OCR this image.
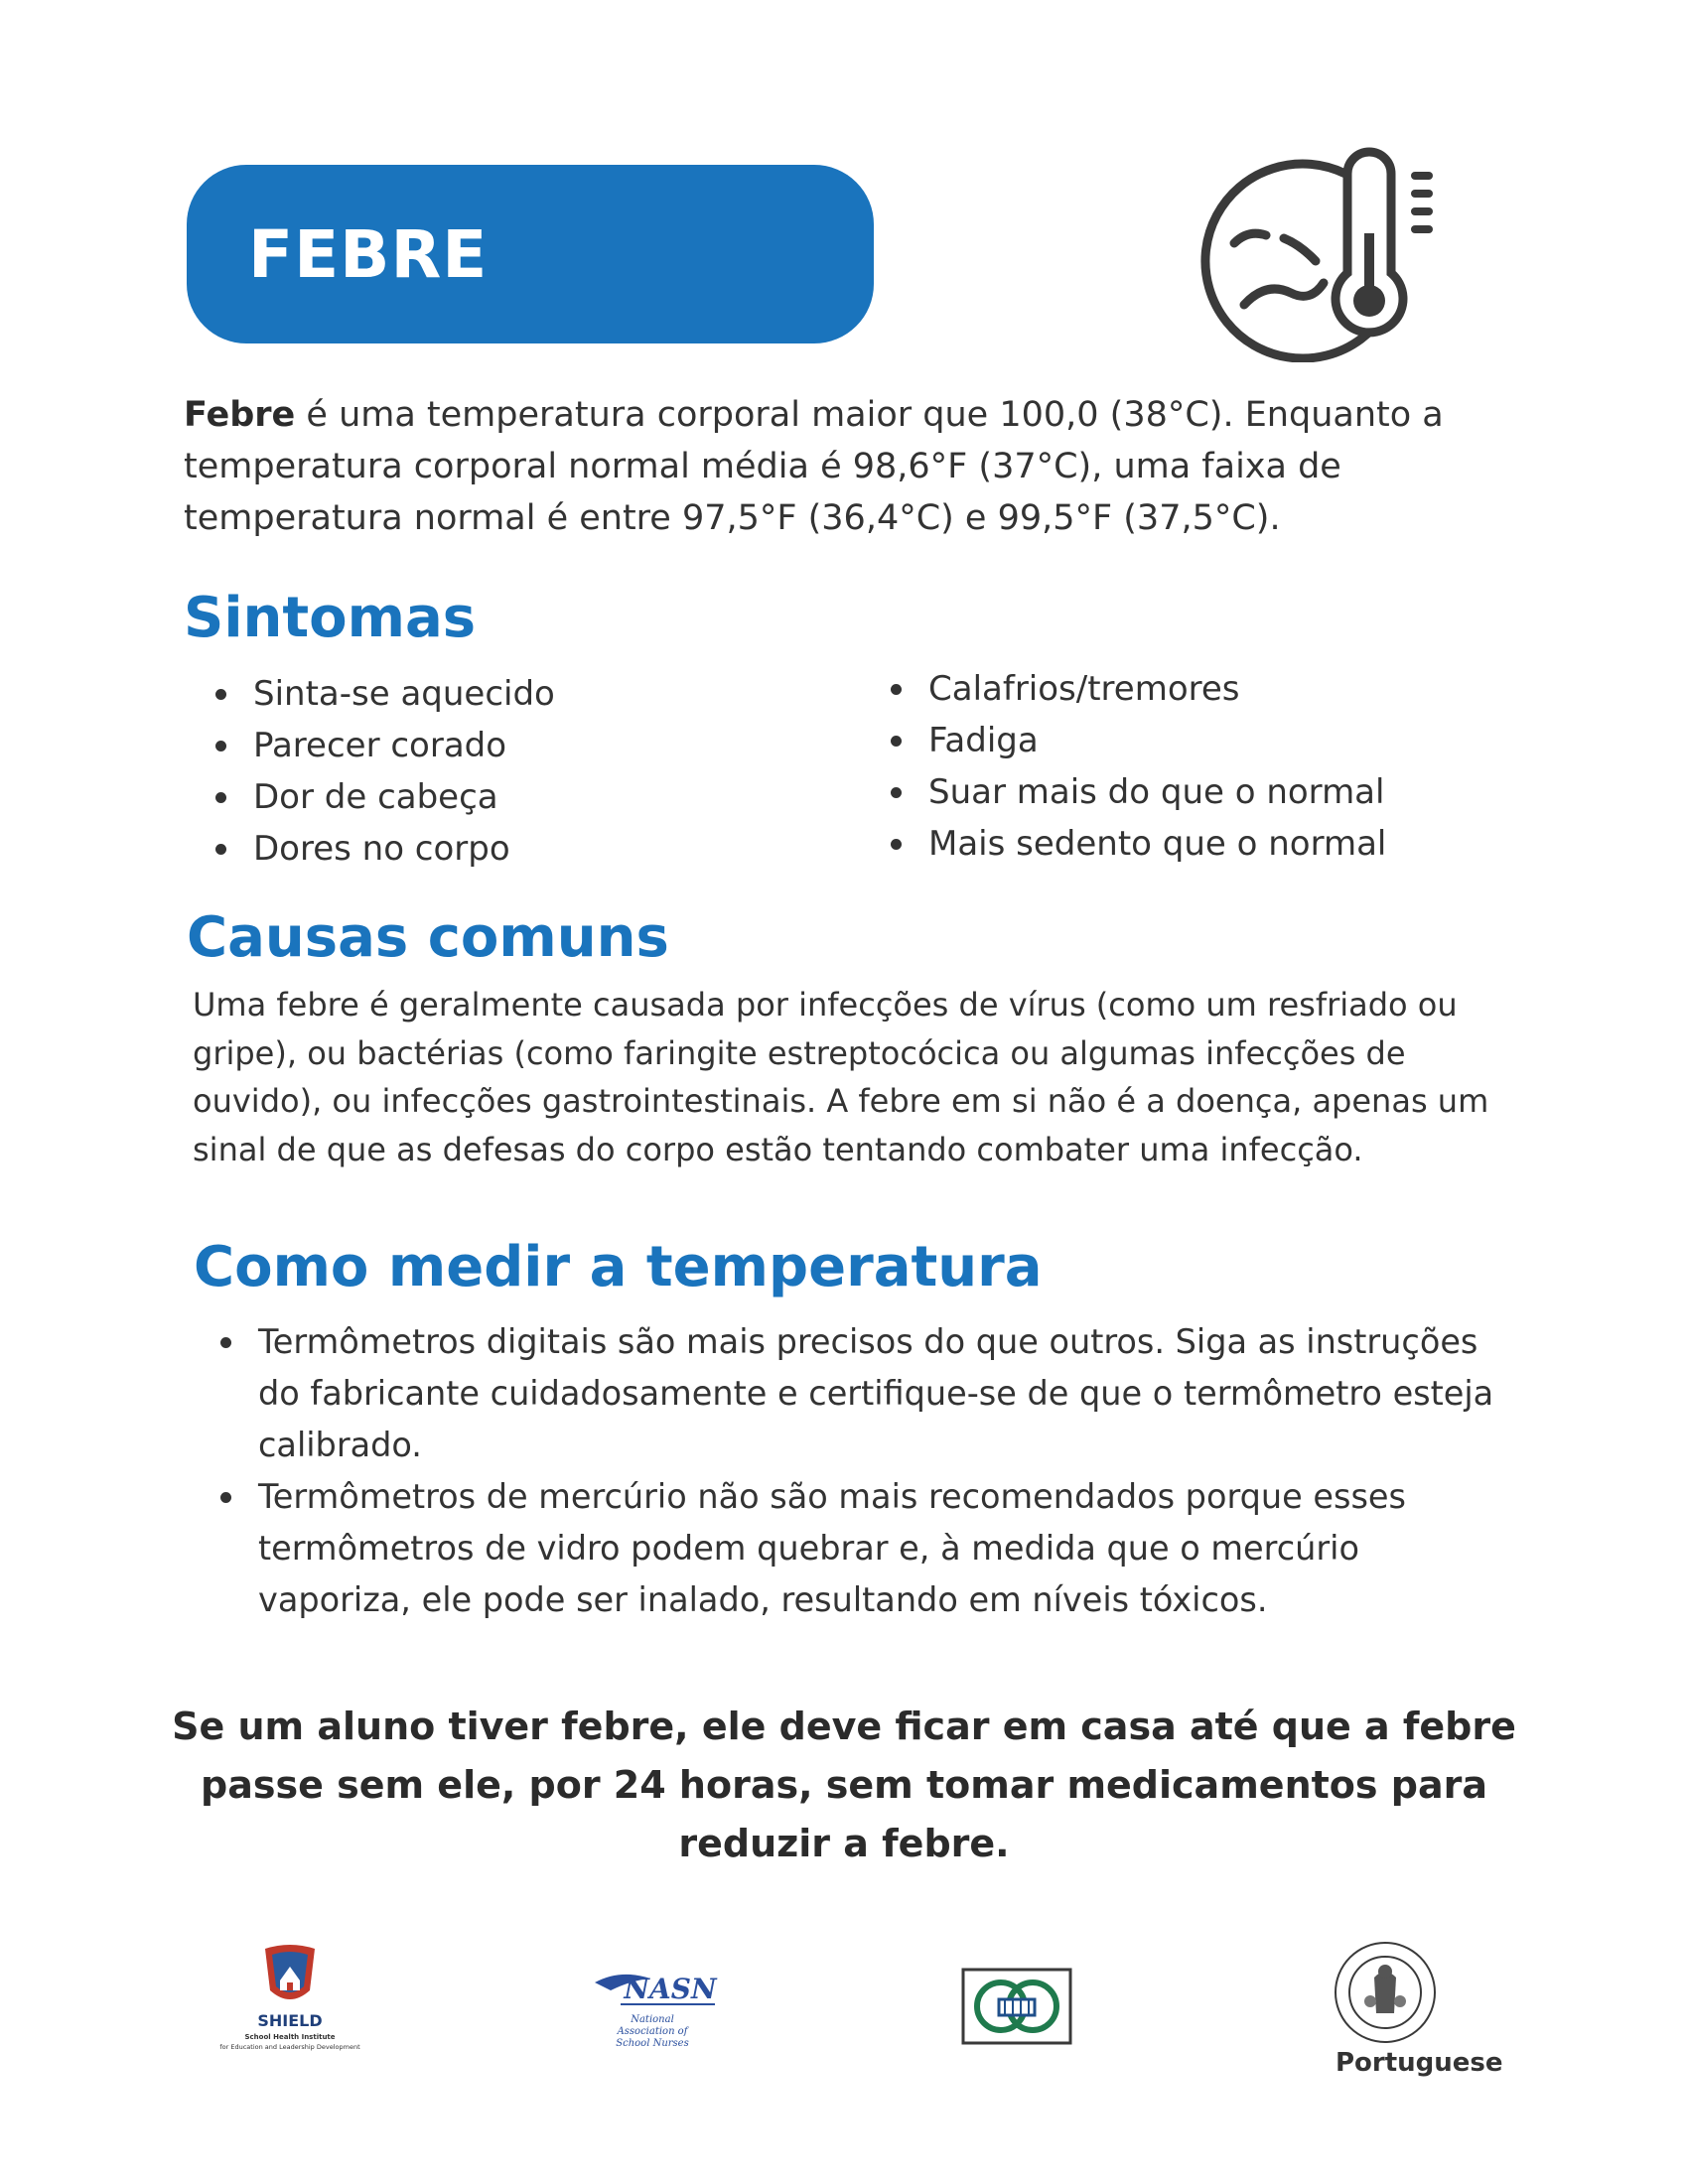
FEBRE

Febre é uma temperatura corporal maior que 100,0 (38°C). Enquanto a temperatura corporal normal média é 98,6°F (37°C), uma faixa de temperatura normal é entre 97,5°F (36,4°C) e 99,5°F (37,5°C).

Sintomas
Sinta-se aquecido
Parecer corado
Dor de cabeça
Dores no corpo
Calafrios/tremores
Fadiga
Suar mais do que o normal
Mais sedento que o normal
Causas comuns

Uma febre é geralmente causada por infecções de vírus (como um resfriado ou gripe), ou bactérias (como faringite estreptocócica ou algumas infecções de ouvido), ou infecções gastrointestinais. A febre em si não é a doença, apenas um sinal de que as defesas do corpo estão tentando combater uma infecção.

Como medir a temperatura
Termômetros digitais são mais precisos do que outros. Siga as instruções do fabricante cuidadosamente e certifique-se de que o termômetro esteja calibrado.
Termômetros de mercúrio não são mais recomendados porque esses termômetros de vidro podem quebrar e, à medida que o mercúrio vaporiza, ele pode ser inalado, resultando em níveis tóxicos.

Se um aluno tiver febre, ele deve ficar em casa até que a febre passe sem ele, por 24 horas, sem tomar medicamentos para reduzir a febre.

SHIELD
School Health Institute
for Education and Leadership Development
NASN
National
Association of
School Nurses
Portuguese
